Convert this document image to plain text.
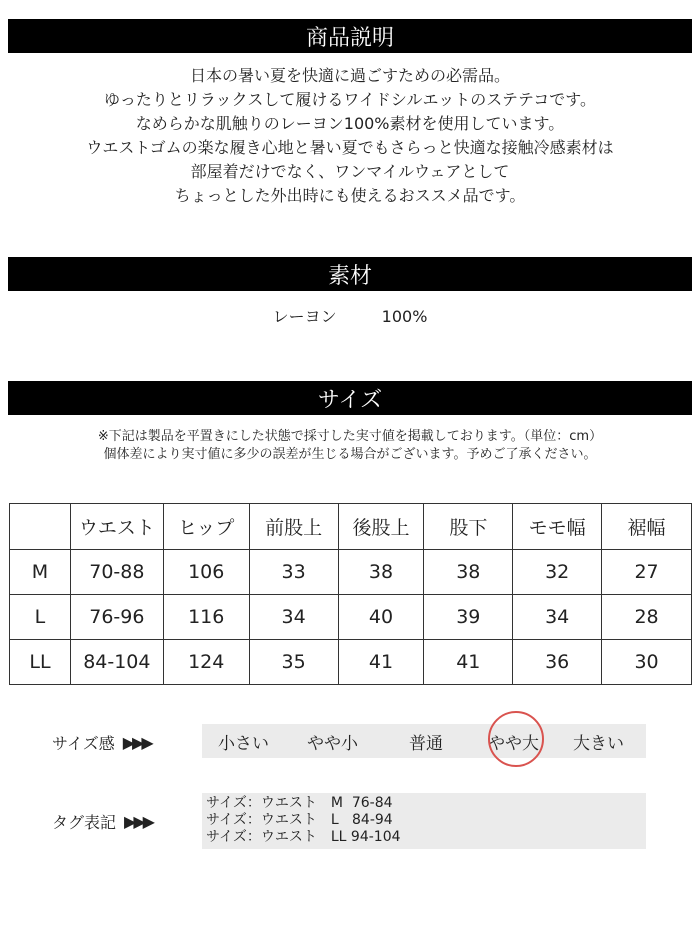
商品説明
日本の暑い夏を快適に過ごすための必需品。
ゆったりとリラックスして履けるワイドシルエットのステテコです。
なめらかな肌触りのレーヨン100%素材を使用しています。
ウエストゴムの楽な履き心地と暑い夏でもさらっと快適な接触冷感素材は
部屋着だけでなく、ワンマイルウェアとして
ちょっとした外出時にも使えるおススメ品です。
素材
レーヨン	100%
サイズ
※下記は製品を平置きにした状態で採寸した実寸値を掲載しております。（単位：cm）
個体差により実寸値に多少の誤差が生じる場合がございます。予めご了承ください。
	ウエスト	ヒップ	前股上	後股上	股下	モモ幅	裾幅
M	70-88	106	33	38	38	32	27
L	76-96	116	34	40	39	34	28
LL	84-104	124	35	41	41	36	30
サイズ感 ▶▶▶	小さい やや小	普通	やや大 大きい
タグ表記 ▶▶▶
サイズ：ウエスト　M  76-84
サイズ：ウエスト　L   84-94
サイズ：ウエスト　LL 94-104
